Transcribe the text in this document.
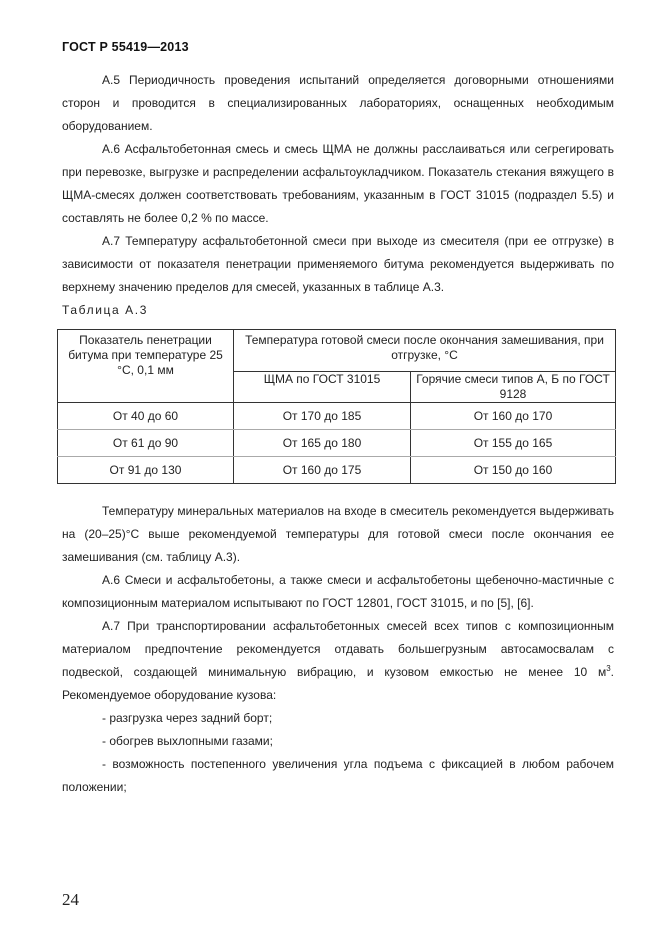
ГОСТ Р 55419—2013

А.5 Периодичность проведения испытаний определяется договорными отношениями сторон и проводится в специализированных лабораториях, оснащенных необходимым оборудованием.

А.6 Асфальтобетонная смесь и смесь ЩМА не должны расслаиваться или сегрегировать при перевозке, выгрузке и распределении асфальтоукладчиком. Показатель стекания вяжущего в ЩМА-смесях должен соответствовать требованиям, указанным в ГОСТ 31015 (подраздел 5.5) и составлять не более 0,2 % по массе.

А.7 Температуру асфальтобетонной смеси при выходе из смесителя (при ее отгрузке) в зависимости от показателя пенетрации применяемого битума рекомендуется выдерживать по верхнему значению пределов для смесей, указанных в таблице А.3.

Таблица А.3

Показатель пенетрации битума при температуре 25 °С, 0,1 мм	Температура готовой смеси после окончания замешивания, при отгрузке, °С	
	ЩМА по ГОСТ 31015	Горячие смеси типов А, Б по ГОСТ 9128
От 40 до 60	От 170 до 185	От 160 до 170
От 61 до 90	От 165 до 180	От 155 до 165
От 91 до 130	От 160 до 175	От 150 до 160

Температуру минеральных материалов на входе в смеситель рекомендуется выдерживать на (20–25)°С выше рекомендуемой температуры для готовой смеси после окончания ее замешивания (см. таблицу А.3).

А.6 Смеси и асфальтобетоны, а также смеси и асфальтобетоны щебеночно-мастичные с композиционным материалом испытывают по ГОСТ 12801, ГОСТ 31015, и по [5], [6].

А.7 При транспортировании асфальтобетонных смесей всех типов с композиционным материалом предпочтение рекомендуется отдавать большегрузным автосамосвалам с подвеской, создающей минимальную вибрацию, и кузовом емкостью не менее 10 $м^3$. Рекомендуемое оборудование кузова:

- разгрузка через задний борт;

- обогрев выхлопными газами;

- возможность постепенного увеличения угла подъема с фиксацией в любом рабочем положении;

24
